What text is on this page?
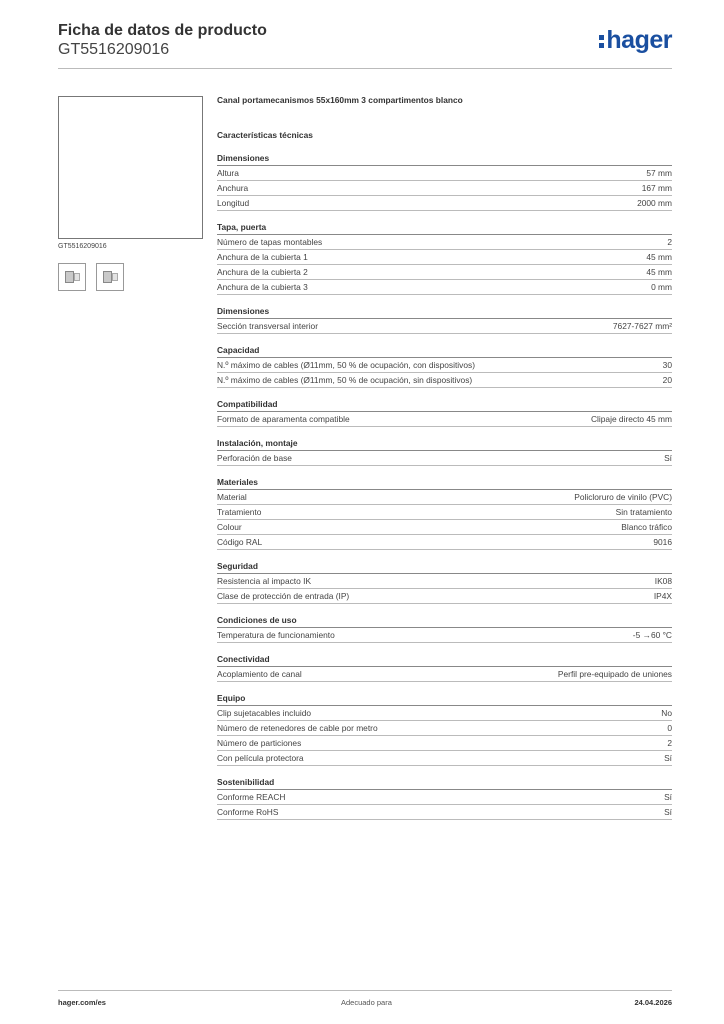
Ficha de datos de producto
GT5516209016	hager
GT5516209016
Canal portamecanismos 55x160mm 3 compartimentos blanco
Características técnicas
Dimensiones
Altura	57 mm
Anchura	167 mm
Longitud	2000 mm
Tapa, puerta
Número de tapas montables	2
Anchura de la cubierta 1	45 mm
Anchura de la cubierta 2	45 mm
Anchura de la cubierta 3	0 mm
Dimensiones
Sección transversal interior	7627-7627 mm²
Capacidad
N.º máximo de cables (Ø11mm, 50 % de ocupación, con dispositivos)	30
N.º máximo de cables (Ø11mm, 50 % de ocupación, sin dispositivos)	20
Compatibilidad
Formato de aparamenta compatible	Clipaje directo 45 mm
Instalación, montaje
Perforación de base	Sí
Materiales
Material	Policloruro de vinilo (PVC)
Tratamiento	Sin tratamiento
Colour	Blanco tráfico
Código RAL	9016
Seguridad
Resistencia al impacto IK	IK08
Clase de protección de entrada (IP)	IP4X
Condiciones de uso
Temperatura de funcionamiento	-5 →60 °C
Conectividad
Acoplamiento de canal	Perfil pre-equipado de uniones
Equipo
Clip sujetacables incluido	No
Número de retenedores de cable por metro	0
Número de particiones	2
Con película protectora	Sí
Sostenibilidad
Conforme REACH	Sí
Conforme RoHS	Sí
hager.com/es	Adecuado para	24.04.2026
